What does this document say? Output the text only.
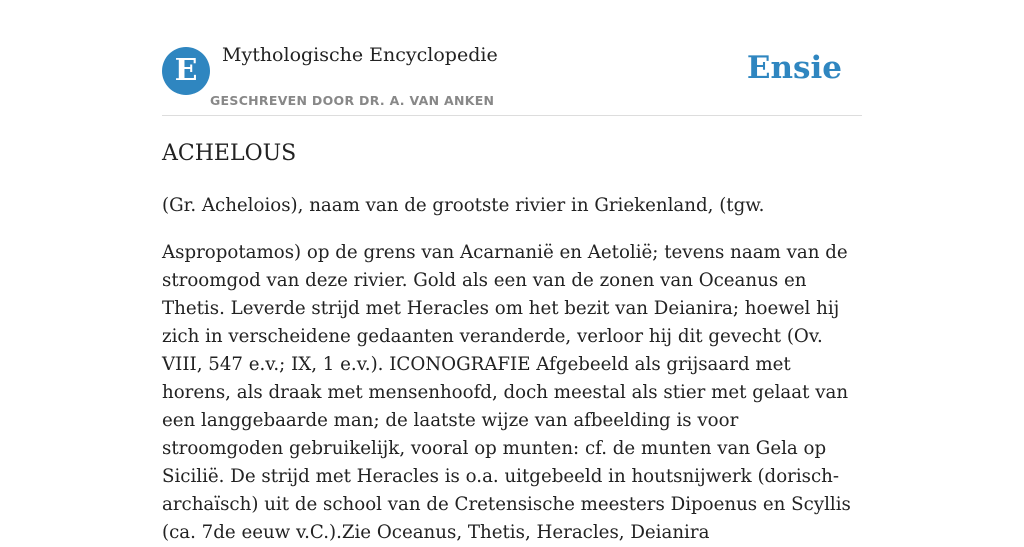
E	Mythologische Encyclopedie
GESCHREVEN DOOR DR. A. VAN ANKEN
Ensie
ACHELOUS

(Gr. Acheloios), naam van de grootste rivier in Griekenland, (tgw.

Aspropotamos) op de grens van Acarnanië en Aetolië; tevens naam van de stroomgod van deze rivier. Gold als een van de zonen van Oceanus en Thetis. Leverde strijd met Heracles om het bezit van Deianira; hoewel hij zich in verscheidene gedaanten veranderde, verloor hij dit gevecht (Ov. VIII, 547 e.v.; IX, 1 e.v.). ICONOGRAFIE Afgebeeld als grijsaard met horens, als draak met mensenhoofd, doch meestal als stier met gelaat van een langgebaarde man; de laatste wijze van afbeelding is voor stroomgoden gebruikelijk, vooral op munten: cf. de munten van Gela op Sicilië. De strijd met Heracles is o.a. uitgebeeld in houtsnijwerk (dorisch-archaïsch) uit de school van de Cretensische meesters Dipoenus en Scyllis (ca. 7de eeuw v.C.).Zie Oceanus, Thetis, Heracles, Deianira
